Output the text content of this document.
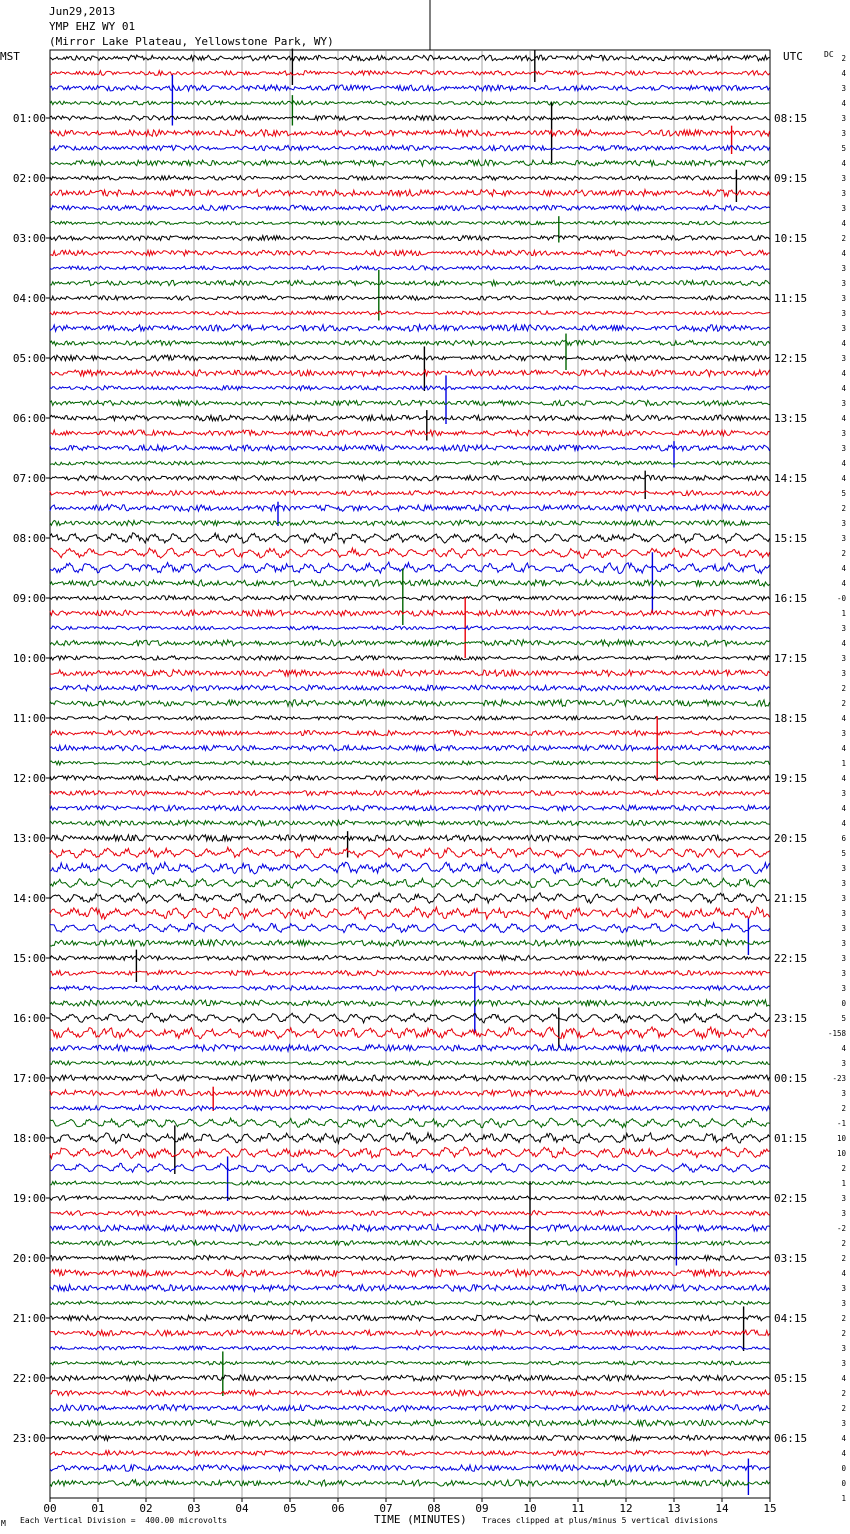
Jun29,2013
YMP EHZ WY 01
(Mirror Lake Plateau, Yellowstone Park, WY)
MST	UTC	DC
01:00
02:00
03:00
04:00
05:00
06:00
07:00
08:00
09:00
10:00
11:00
12:00
13:00
14:00
15:00
16:00
17:00
18:00
19:00
20:00
21:00
22:00
23:00
08:15
09:15
10:15
11:15
12:15
13:15
14:15
15:15
16:15
17:15
18:15
19:15
20:15
21:15
22:15
23:15
00:15
01:15
02:15
03:15
04:15
05:15
06:15
2
4
3
4
3
3
5
4
3
3
3
4
2
4
3
3
3
3
3
4
3
4
4
3
4
3
3
4
4
5
2
3
3
2
4
4
-0
1
3
4
3
3
2
2
4
3
4
1
4
3
4
4
6
5
3
3
3
3
3
3
3
3
3
0
5
-158
4
3
-23
3
2
-1
10
10
2
1
3
3
-2
2
2
4
3
3
2
2
3
3
4
2
2
3
4
4
0
0
1
00	01	02	03	04	05	06	07	08	09	10	11	12	13	14	15
M Each Vertical Division =  400.00 microvolts	TIME (MINUTES) Traces clipped at plus/minus 5 vertical divisions
